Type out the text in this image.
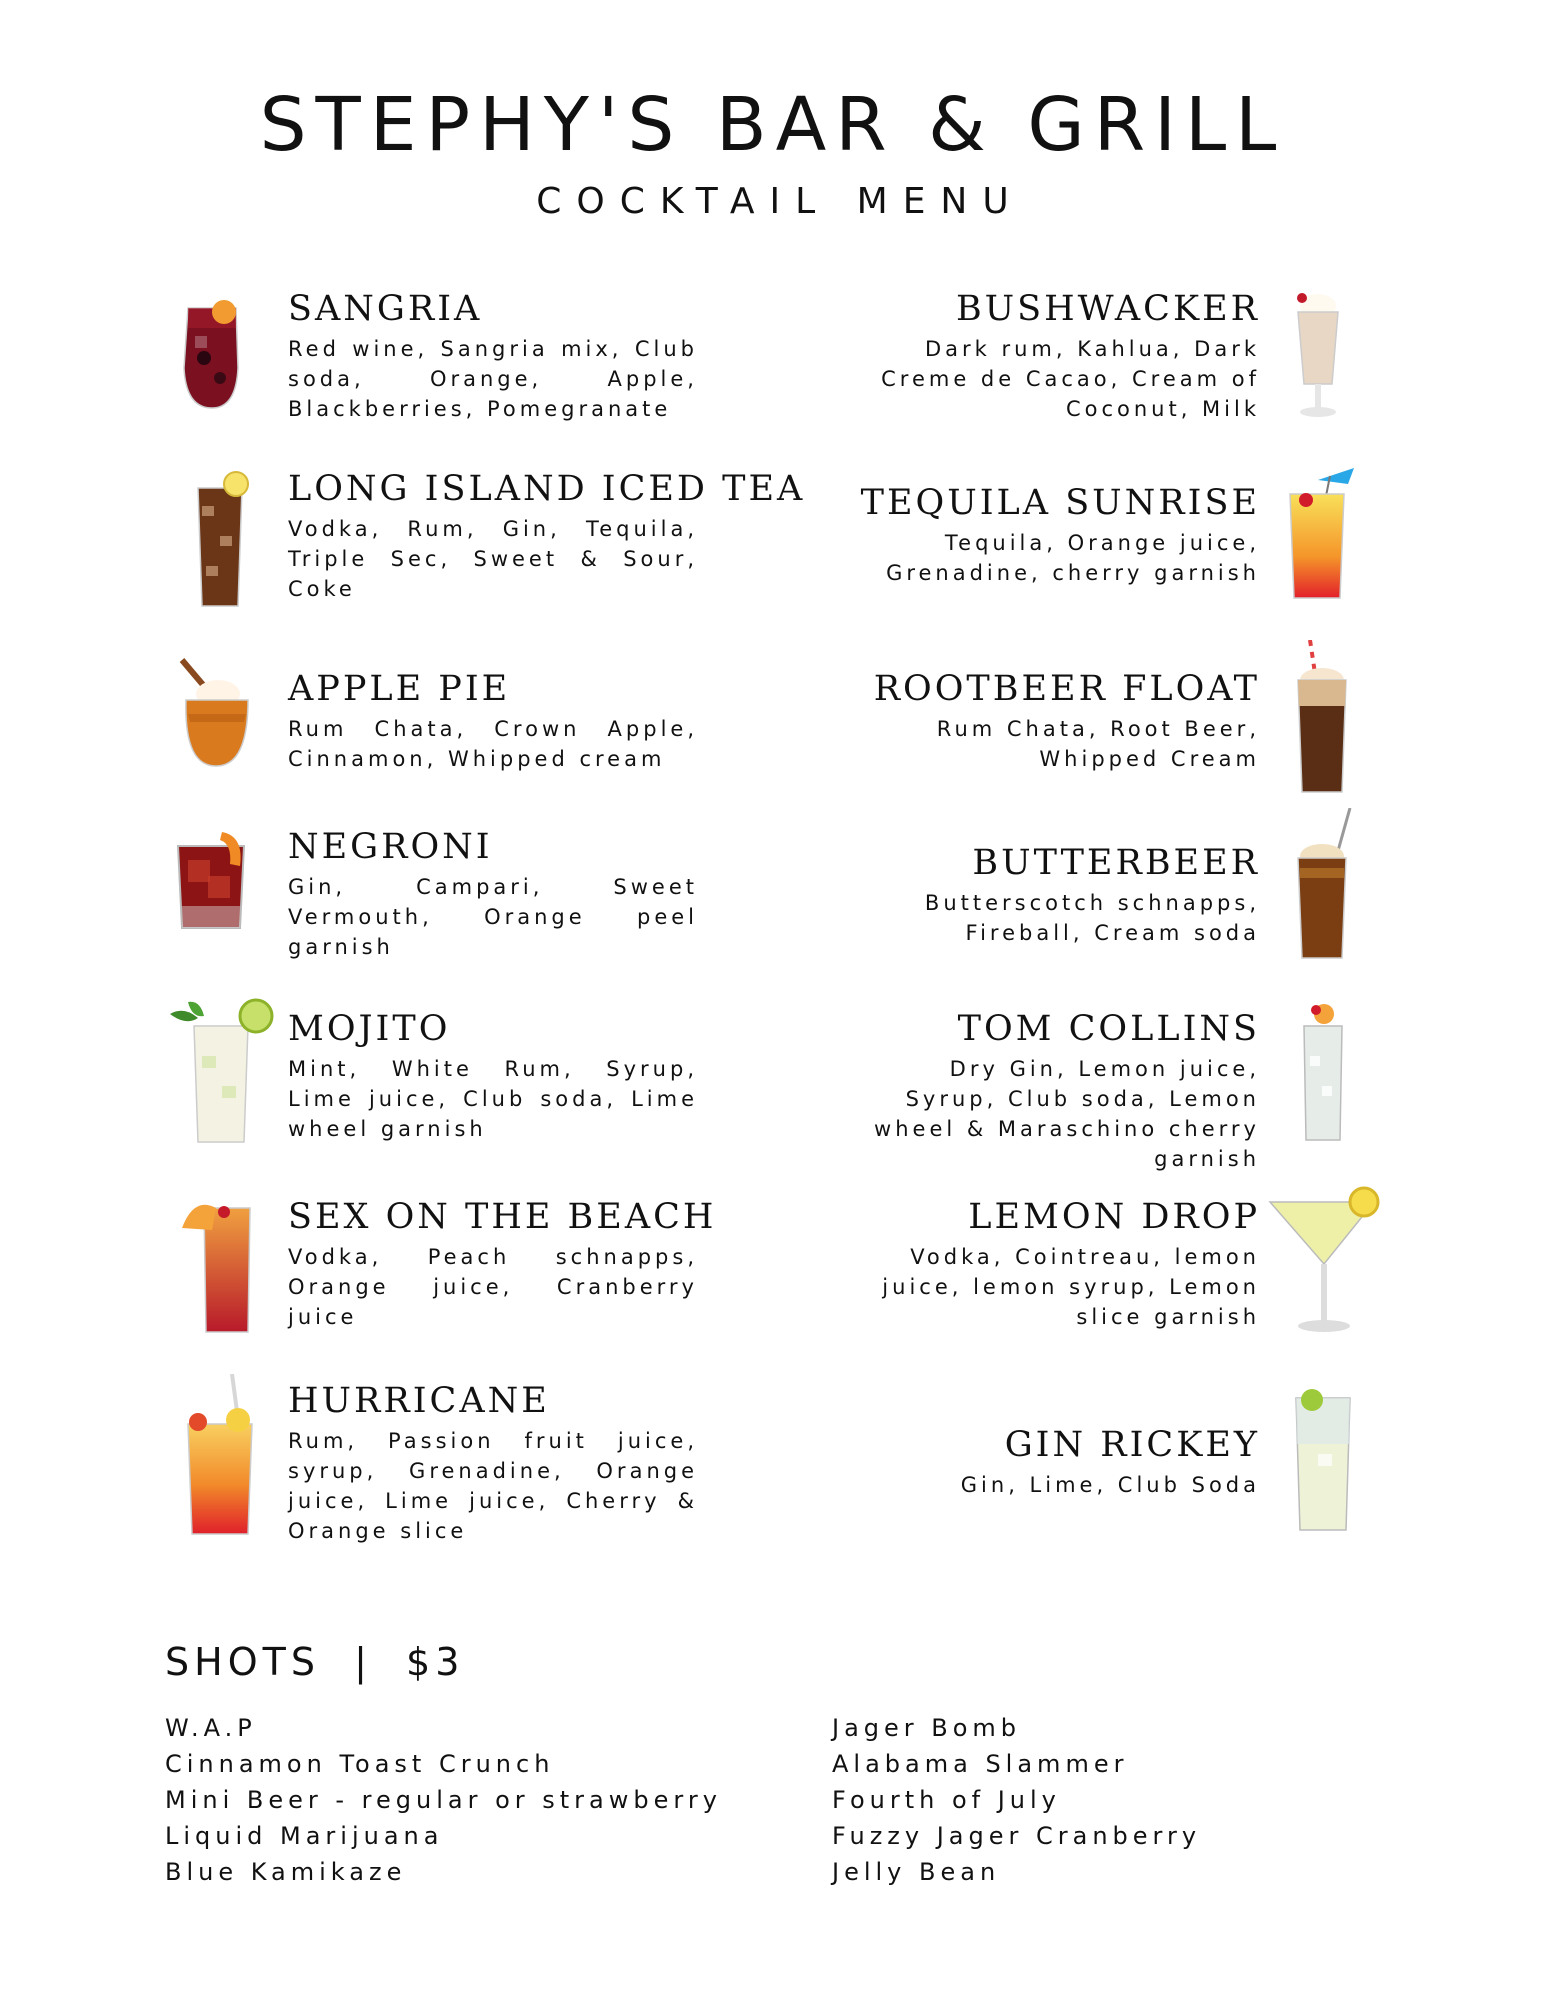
STEPHY'S BAR & GRILL
COCKTAIL MENU
SANGRIA
Red wine, Sangria mix, Club soda, Orange, Apple, Blackberries, Pomegranate
LONG ISLAND ICED TEA
Vodka, Rum, Gin, Tequila, Triple Sec, Sweet & Sour, Coke
APPLE PIE
Rum Chata, Crown Apple, Cinnamon, Whipped cream
NEGRONI
Gin, Campari, Sweet Vermouth, Orange peel garnish
MOJITO
Mint, White Rum, Syrup, Lime juice, Club soda, Lime wheel garnish
SEX ON THE BEACH
Vodka, Peach schnapps, Orange juice, Cranberry juice
HURRICANE
Rum, Passion fruit juice, syrup, Grenadine, Orange juice, Lime juice, Cherry & Orange slice
BUSHWACKER
Dark rum, Kahlua, Dark Creme de Cacao, Cream of Coconut, Milk
TEQUILA SUNRISE
Tequila, Orange juice, Grenadine, cherry garnish
ROOTBEER FLOAT
Rum Chata, Root Beer, Whipped Cream
BUTTERBEER
Butterscotch schnapps, Fireball, Cream soda
TOM COLLINS
Dry Gin, Lemon juice, Syrup, Club soda, Lemon wheel & Maraschino cherry garnish
LEMON DROP
Vodka, Cointreau, lemon juice, lemon syrup, Lemon slice garnish
GIN RICKEY
Gin, Lime, Club Soda
SHOTS  |  $3
W.A.P
Cinnamon Toast Crunch
Mini Beer - regular or strawberry
Liquid Marijuana
Blue Kamikaze
Jager Bomb
Alabama Slammer
Fourth of July
Fuzzy Jager Cranberry
Jelly Bean
